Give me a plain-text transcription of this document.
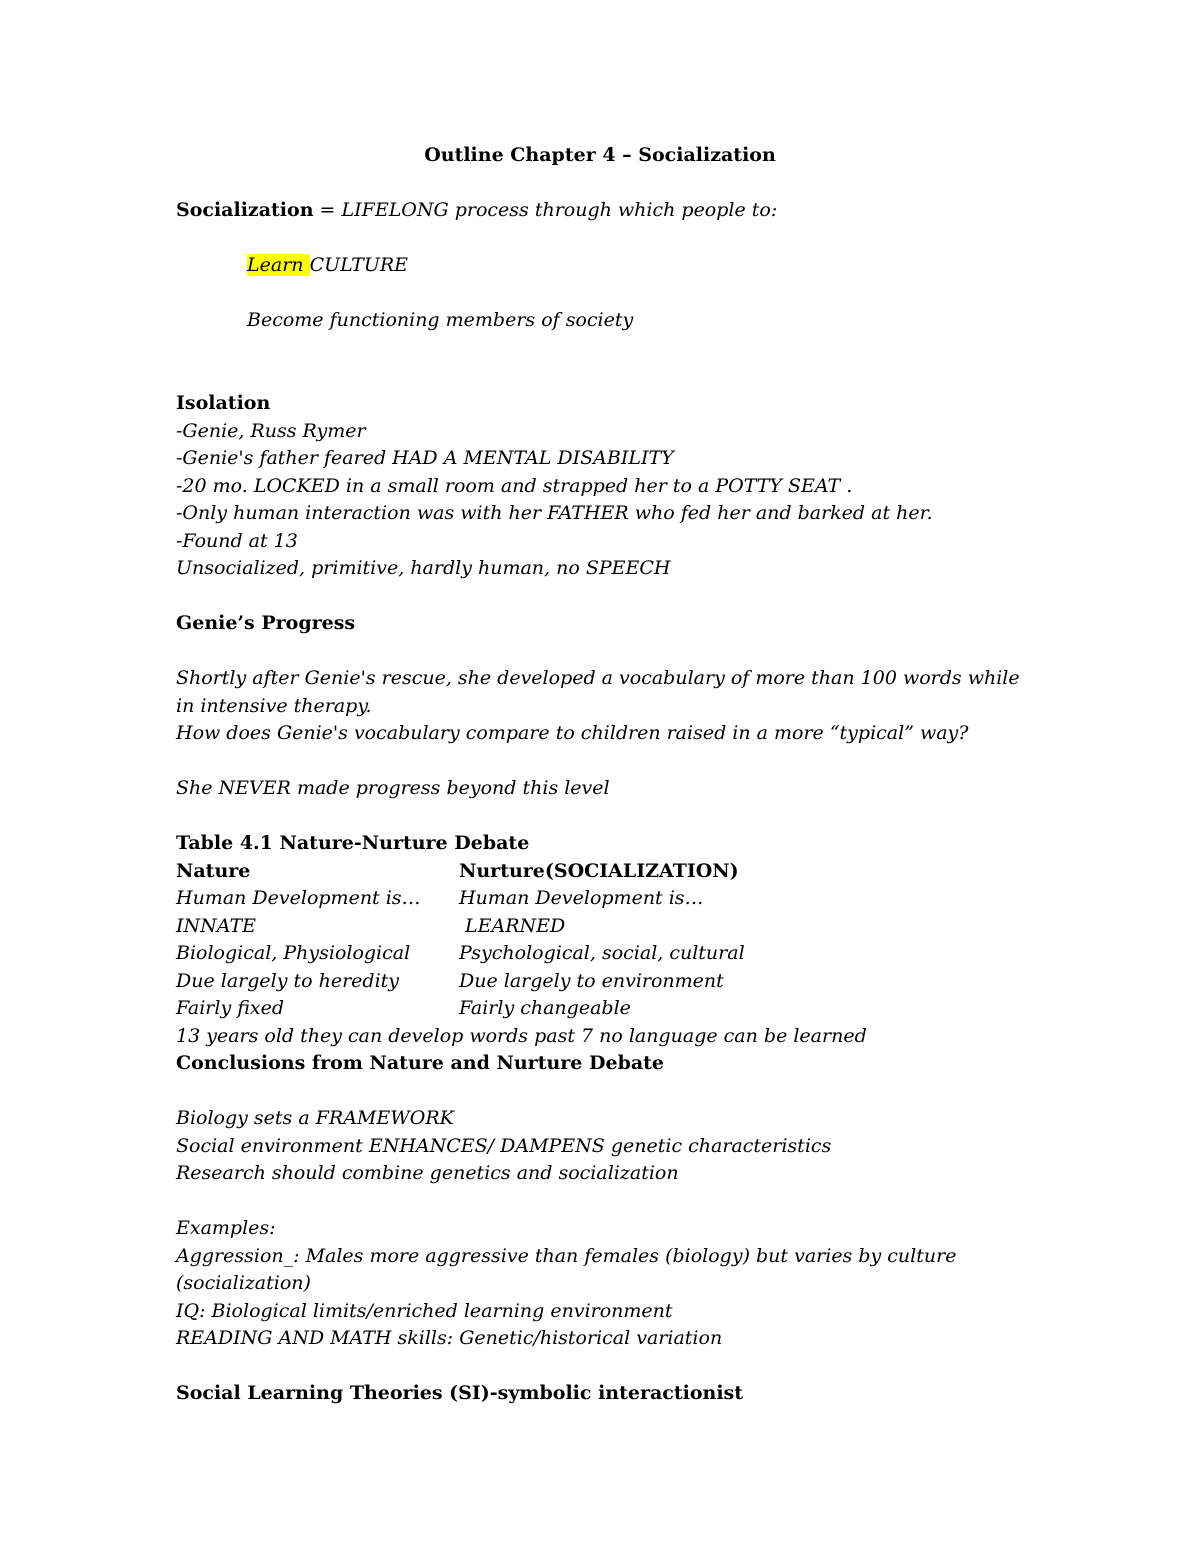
Outline Chapter 4 – Socialization

Socialization = LIFELONG process through which people to:

Learn CULTURE

Become functioning members of society

Isolation

-Genie, Russ Rymer

-Genie's father feared HAD A MENTAL DISABILITY

-20 mo. LOCKED in a small room and strapped her to a POTTY SEAT .

-Only human interaction was with her FATHER who fed her and barked at her.

-Found at 13

Unsocialized, primitive, hardly human, no SPEECH

Genie’s Progress

Shortly after Genie's rescue, she developed a vocabulary of more than 100 words while

in intensive therapy.

How does Genie's vocabulary compare to children raised in a more “typical” way?

She NEVER made progress beyond this level

Table 4.1 Nature-Nurture Debate

Nature	Nurture(SOCIALIZATION)
Human Development is…	Human Development is…
INNATE	LEARNED
Biological, Physiological	Psychological, social, cultural
Due largely to heredity	Due largely to environment
Fairly fixed	Fairly changeable

13 years old they can develop words past 7 no language can be learned

Conclusions from Nature and Nurture Debate

Biology sets a FRAMEWORK

Social environment ENHANCES/ DAMPENS genetic characteristics

Research should combine genetics and socialization

Examples:

Aggression_: Males more aggressive than females (biology) but varies by culture

(socialization)

IQ: Biological limits/enriched learning environment

READING AND MATH skills: Genetic/historical variation

Social Learning Theories (SI)-symbolic interactionist
